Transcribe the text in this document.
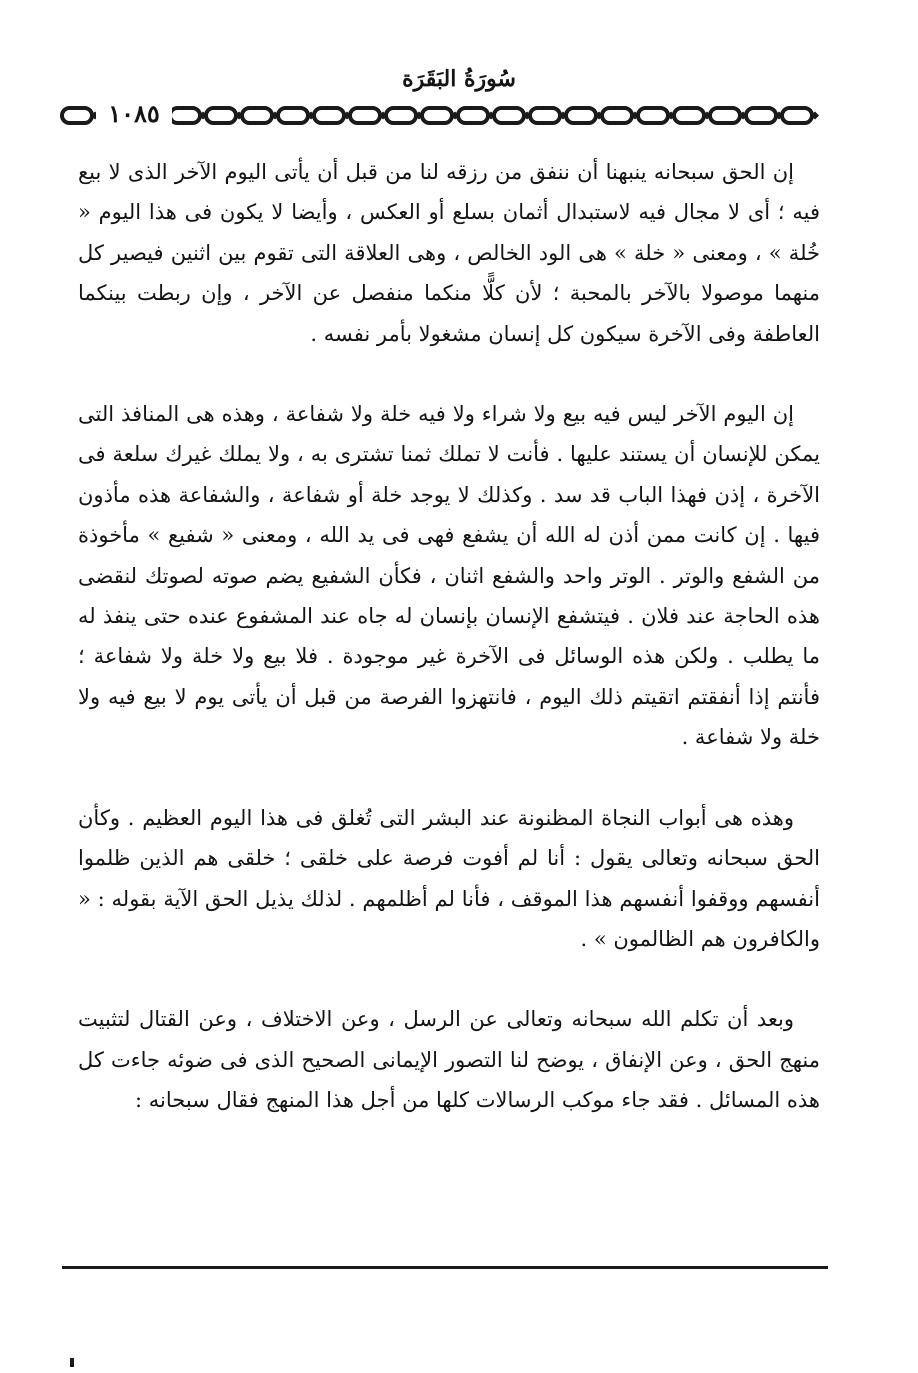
سُورَةُ البَقَرَة
١٠٨٥

إن الحق سبحانه ينبهنا أن ننفق من رزقه لنا من قبل أن يأتى اليوم الآخر الذى لا بيع فيه ؛ أى لا مجال فيه لاستبدال أثمان بسلع أو العكس ، وأيضا لا يكون فى هذا اليوم « خُلة » ، ومعنى « خلة » هى الود الخالص ، وهى العلاقة التى تقوم بين اثنين فيصير كل منهما موصولا بالآخر بالمحبة ؛ لأن كلًّا منكما منفصل عن الآخر ، وإن ربطت بينكما العاطفة وفى الآخرة سيكون كل إنسان مشغولا بأمر نفسه .

إن اليوم الآخر ليس فيه بيع ولا شراء ولا فيه خلة ولا شفاعة ، وهذه هى المنافذ التى يمكن للإنسان أن يستند عليها . فأنت لا تملك ثمنا تشترى به ، ولا يملك غيرك سلعة فى الآخرة ، إذن فهذا الباب قد سد . وكذلك لا يوجد خلة أو شفاعة ، والشفاعة هذه مأذون فيها . إن كانت ممن أذن له الله أن يشفع فهى فى يد الله ، ومعنى « شفيع » مأخوذة من الشفع والوتر . الوتر واحد والشفع اثنان ، فكأن الشفيع يضم صوته لصوتك لنقضى هذه الحاجة عند فلان . فيتشفع الإنسان بإنسان له جاه عند المشفوع عنده حتى ينفذ له ما يطلب . ولكن هذه الوسائل فى الآخرة غير موجودة . فلا بيع ولا خلة ولا شفاعة ؛ فأنتم إذا أنفقتم اتقيتم ذلك اليوم ، فانتهزوا الفرصة من قبل أن يأتى يوم لا بيع فيه ولا خلة ولا شفاعة .

وهذه هى أبواب النجاة المظنونة عند البشر التى تُغلق فى هذا اليوم العظيم . وكأن الحق سبحانه وتعالى يقول : أنا لم أفوت فرصة على خلقى ؛ خلقى هم الذين ظلموا أنفسهم ووقفوا أنفسهم هذا الموقف ، فأنا لم أظلمهم . لذلك يذيل الحق الآية بقوله : « والكافرون هم الظالمون » .

وبعد أن تكلم الله سبحانه وتعالى عن الرسل ، وعن الاختلاف ، وعن القتال لتثبيت منهج الحق ، وعن الإنفاق ، يوضح لنا التصور الإيمانى الصحيح الذى فى ضوئه جاءت كل هذه المسائل . فقد جاء موكب الرسالات كلها من أجل هذا المنهج فقال سبحانه :
